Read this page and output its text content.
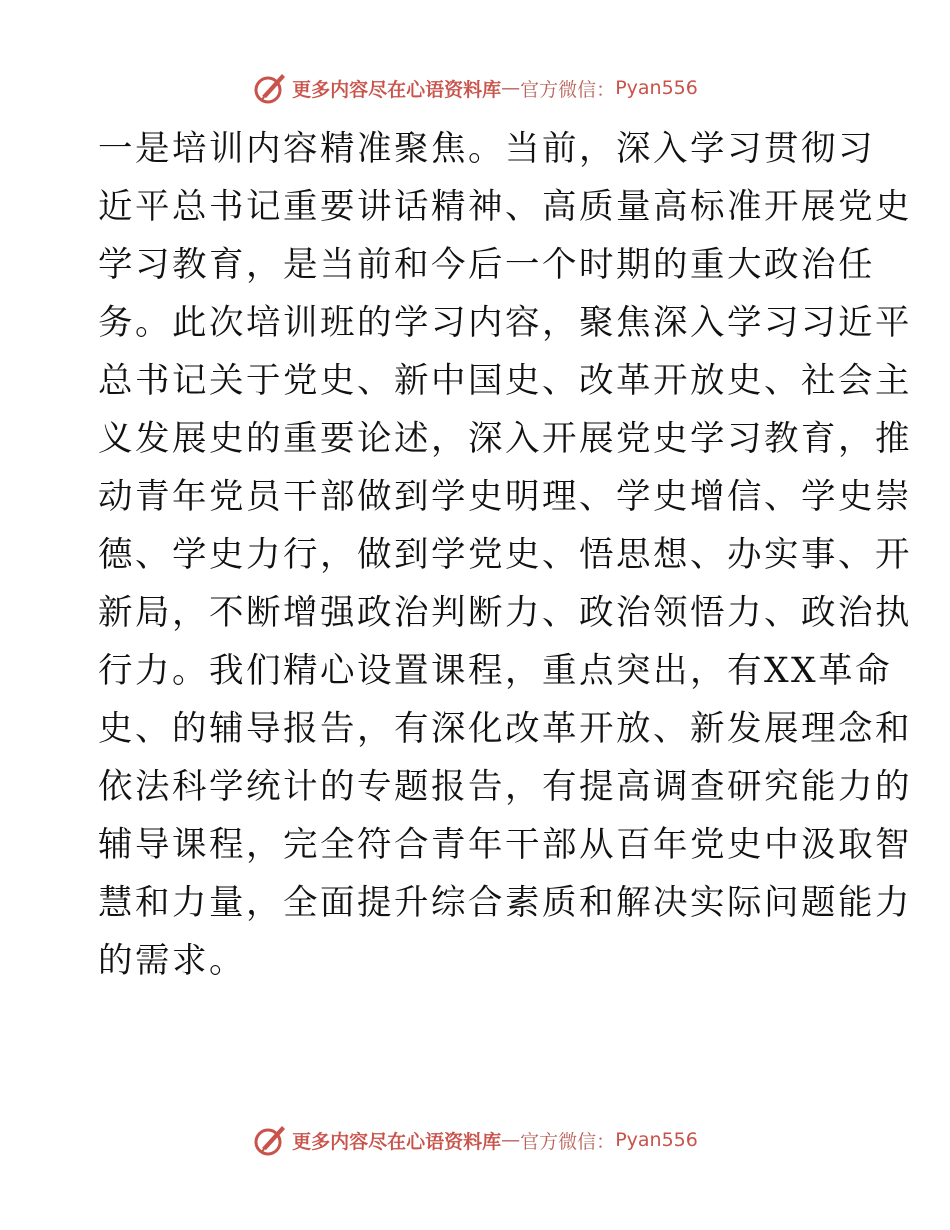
更多内容尽在心语资料库 — 官方微信： Pyan556
一是培训内容精准聚焦。当前，深入学习贯彻习
近平总书记重要讲话精神、高质量高标准开展党史
学习教育，是当前和今后一个时期的重大政治任
务。此次培训班的学习内容，聚焦深入学习习近平
总书记关于党史、新中国史、改革开放史、社会主
义发展史的重要论述，深入开展党史学习教育，推
动青年党员干部做到学史明理、学史增信、学史崇
德、学史力行，做到学党史、悟思想、办实事、开
新局，不断增强政治判断力、政治领悟力、政治执
行力。我们精心设置课程，重点突出，有XX革命
史、的辅导报告，有深化改革开放、新发展理念和
依法科学统计的专题报告，有提高调查研究能力的
辅导课程，完全符合青年干部从百年党史中汲取智
慧和力量，全面提升综合素质和解决实际问题能力
的需求。
更多内容尽在心语资料库 — 官方微信： Pyan556
